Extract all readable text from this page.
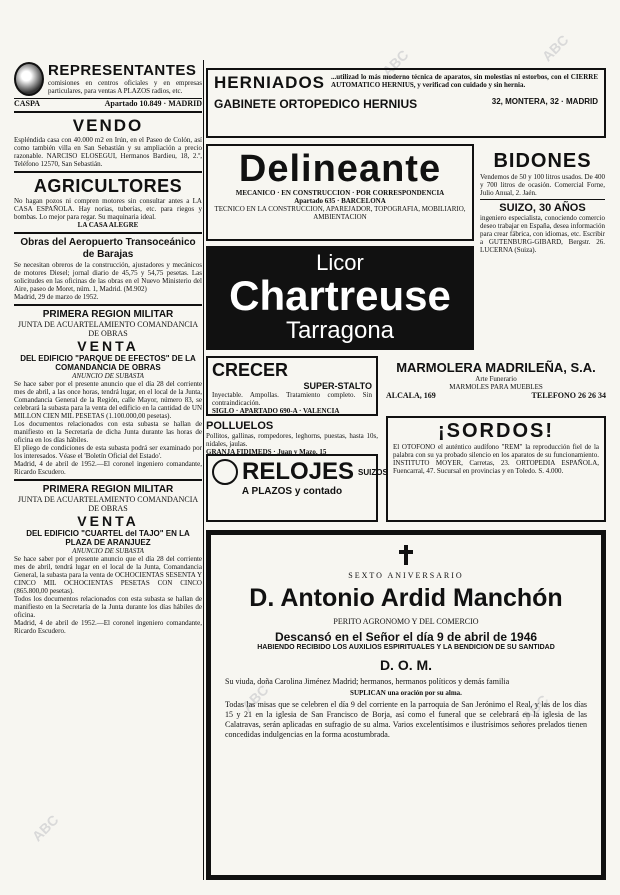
ABC	ABC
ABC	ABC
ABC

REPRESENTANTES

comisiones en centros oficiales y en empresas particulares, para ventas A PLAZOS radios, etc.

CASPA	Apartado 10.849 · MADRID

VENDO

Espléndida casa con 40.000 m2 en Irún, en el Paseo de Colón, así como también villa en San Sebastián y su ampliación a precio razonable. NARCISO ELOSEGUI, Hermanos Bardieu, 18, 2.º, Teléfono 12570, San Sebastián.

AGRICULTORES

No hagan pozos ni compren motores sin consultar antes a LA CASA ESPAÑOLA. Hay norias, tuberías, etc. para riegos y bombas. Lo mejor para regar. Su maquinaria ideal.

LA CASA ALEGRE

Obras del Aeropuerto Transoceánico de Barajas

Se necesitan obreros de la construcción, ajustadores y mecánicos de motores Diesel; jornal diario de 45,75 y 54,75 pesetas. Las solicitudes en las oficinas de las obras en el Nuevo Ministerio del Aire, paseo de Moret, núm. 1, Madrid. (M.902)

Madrid, 29 de marzo de 1952.

PRIMERA REGION MILITAR

JUNTA DE ACUARTELAMIENTO COMANDANCIA DE OBRAS

VENTA

DEL EDIFICIO "PARQUE DE EFECTOS" DE LA COMANDANCIA DE OBRAS

ANUNCIO DE SUBASTA

Se hace saber por el presente anuncio que el día 28 del corriente mes de abril, a las once horas, tendrá lugar, en el local de la Junta, Comandancia General de la Región, calle Mayor, número 83, se celebrará la subasta para la venta del edificio en la cantidad de UN MILLON CIEN MIL PESETAS (1.100.000,00 pesetas).

Los documentos relacionados con esta subasta se hallan de manifiesto en la Secretaría de dicha Junta durante las horas de oficina en los días hábiles.

El pliego de condiciones de esta subasta podrá ser examinado por los interesados. Véase el 'Boletín Oficial del Estado'.

Madrid, 4 de abril de 1952.—El coronel ingeniero comandante, Ricardo Escudero.

PRIMERA REGION MILITAR

JUNTA DE ACUARTELAMIENTO COMANDANCIA DE OBRAS

VENTA

DEL EDIFICIO "CUARTEL del TAJO" EN LA PLAZA DE ARANJUEZ

ANUNCIO DE SUBASTA

Se hace saber por el presente anuncio que el día 28 del corriente mes de abril, tendrá lugar en el local de la Junta, Comandancia General, la subasta para la venta de OCHOCIENTAS SESENTA Y CINCO MIL OCHOCIENTAS PESETAS CON CINCO (865.800,00 pesetas).

Todos los documentos relacionados con esta subasta se hallan de manifiesto en la Secretaría de la Junta durante los días hábiles de oficina.

Madrid, 4 de abril de 1952.—El coronel ingeniero comandante, Ricardo Escudero.

HERNIADOS ...utilizad lo más moderno técnica de aparatos, sin molestias ni estorbos, con el CIERRE AUTOMATICO HERNIUS, y verificad con cuidado y sin hernia.

GABINETE ORTOPEDICO HERNIUS	32, MONTERA, 32 · MADRID

Delineante

MECANICO · EN CONSTRUCCION · POR CORRESPONDENCIA

Apartado 635 · BARCELONA

TECNICO EN LA CONSTRUCCION, APAREJADOR, TOPOGRAFIA, MOBILIARIO, AMBIENTACION

Licor

Chartreuse

Tarragona

BIDONES

Vendemos de 50 y 100 litros usados. De 400 y 700 litros de ocasión. Comercial Forne, Julio Anual, 2. Jaén.

SUIZO, 30 AÑOS

ingeniero especialista, conociendo comercio deseo trabajar en España, desea información para crear fábrica, con idiomas, etc. Escribir a GUTENBURG-GIBARD, Bergstr. 26. LUCERNA (Suiza).

CRECER

SUPER-STALTO

Inyectable. Ampollas. Tratamiento completo. Sin contraindicación.

SIGLO · APARTADO 690-A · VALENCIA

MARMOLERA MADRILEÑA, S.A.

Arte Funerario

MARMOLES PARA MUEBLES

ALCALA, 169	TELEFONO 26 26 34

POLLUELOS

Pollitos, gallinas, rompedores, leghorns, puestas, hasta 10s, nidales, jaulas.

GRANJA FIDIMEDS · Juan y Mazo, 15

RELOJES SUIZOS

A PLAZOS y contado

¡SORDOS!

El OTOFONO el auténtico audífono "REM" la reproducción fiel de la palabra con su ya probado silencio en los aparatos de su funcionamiento. INSTITUTO MOYER, Carretas, 23. ORTOPEDIA ESPAÑOLA, Fuencarral, 47. Sucursal en provincias y en Toledo. S. 4.000.

SEXTO ANIVERSARIO

D. Antonio Ardid Manchón

PERITO AGRONOMO Y DEL COMERCIO

Descansó en el Señor el día 9 de abril de 1946

HABIENDO RECIBIDO LOS AUXILIOS ESPIRITUALES Y LA BENDICION DE SU SANTIDAD

D. O. M.

Su viuda, doña Carolina Jiménez Madrid; hermanos, hermanos políticos y demás familia

SUPLICAN una oración por su alma.

Todas las misas que se celebren el día 9 del corriente en la parroquia de San Jerónimo el Real, y las de los días 15 y 21 en la iglesia de San Francisco de Borja, así como el funeral que se celebrará en la iglesia de las Calatravas, serán aplicadas en sufragio de su alma. Varios excelentísimos e ilustrísimos señores prelados tienen concedidas indulgencias en la forma acostumbrada.
